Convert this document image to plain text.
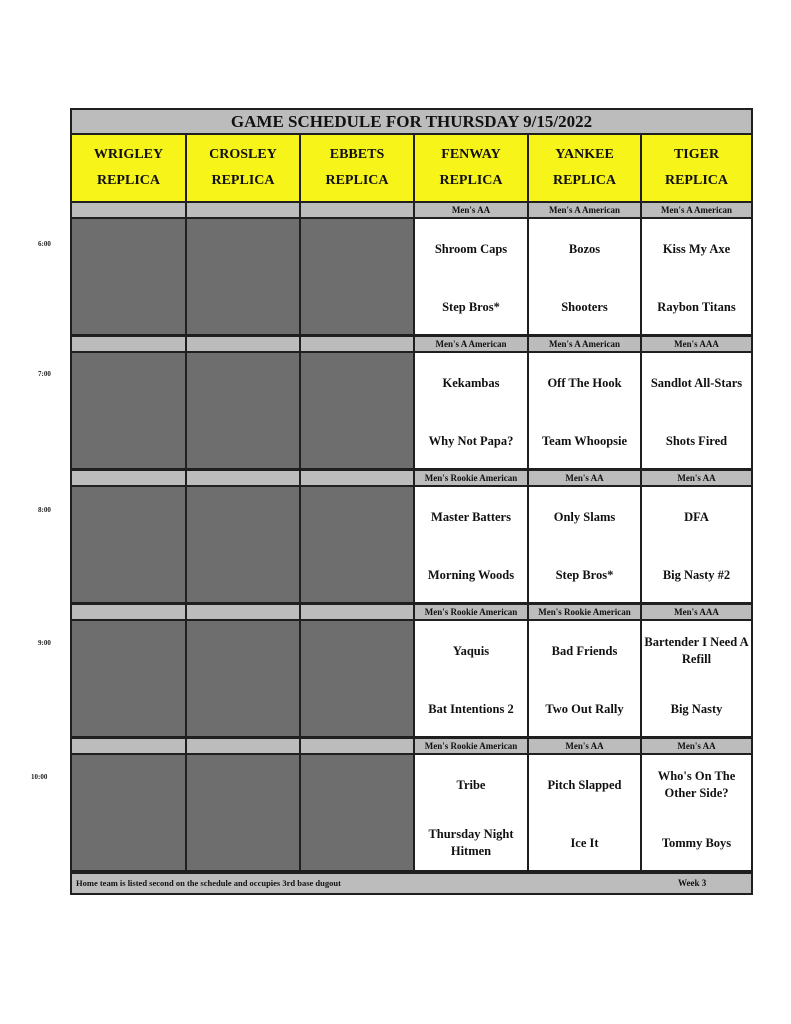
GAME SCHEDULE FOR THURSDAY 9/15/2022
WRIGLEY
REPLICA
CROSLEY
REPLICA
EBBETS
REPLICA
FENWAY
REPLICA
YANKEE
REPLICA
TIGER
REPLICA
Men's AA
Shroom Caps
Step Bros*
Men's A American
Bozos
Shooters
Men's A American
Kiss My Axe
Raybon Titans
Men's A American
Kekambas
Why Not Papa?
Men's A American
Off The Hook
Team Whoopsie
Men's AAA
Sandlot All-Stars
Shots Fired
Men's Rookie American
Master Batters
Morning Woods
Men's AA
Only Slams
Step Bros*
Men's AA
DFA
Big Nasty #2
Men's Rookie American
Yaquis
Bat Intentions 2
Men's Rookie American
Bad Friends
Two Out Rally
Men's AAA
Bartender I Need A Refill
Big Nasty
Men's Rookie American
Tribe
Thursday Night Hitmen
Men's AA
Pitch Slapped
Ice It
Men's AA
Who's On The Other Side?
Tommy Boys
Home team is listed second on the schedule and occupies 3rd base dugout	Week 3
6:00
7:00
8:00
9:00
10:00
